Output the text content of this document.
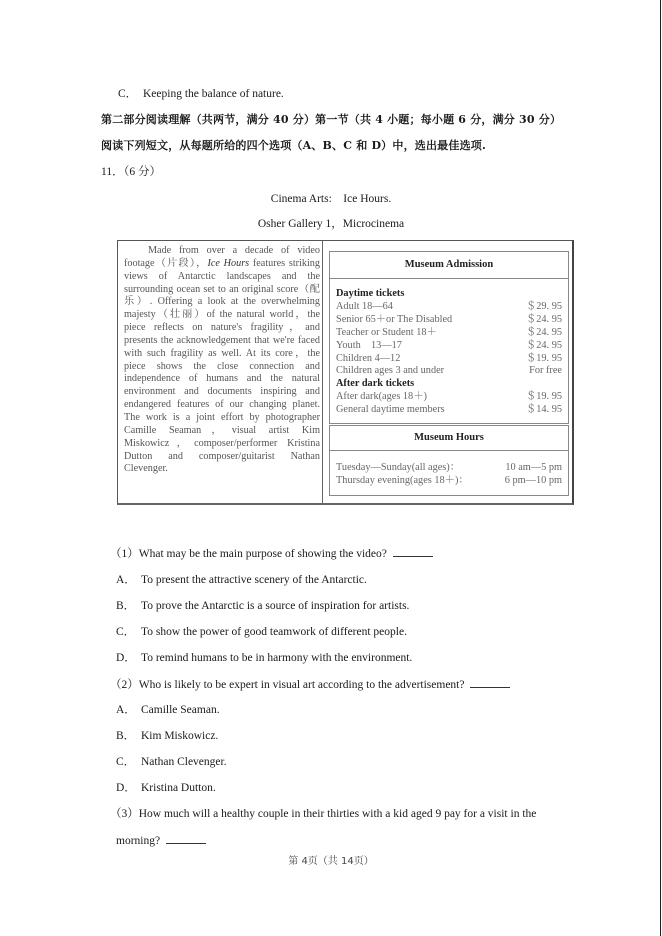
C． Keeping the balance of nature.
第二部分阅读理解（共两节，满分 40 分）第一节（共 4 小题；每小题 6 分，满分 30 分）
阅读下列短文，从每题所给的四个选项（A、B、C 和 D）中，选出最佳选项.
11．（6 分）
Cinema Arts:　Ice Hours.
Osher Gallery 1，Microcinema

Made from over a decade of video footage（片段），Ice Hours features striking views of Antarctic landscapes and the surrounding ocean set to an original score（配乐）. Offering a look at the overwhelming majesty（壮丽）of the natural world，the piece reflects on nature's fragility，and presents the acknowledgement that we're faced with such fragility as well. At its core，the piece shows the close connection and independence of humans and the natural environment and documents inspiring and endangered features of our changing planet. The work is a joint effort by photographer Camille Seaman，visual artist Kim Miskowicz，composer/performer Kristina Dutton and composer/guitarist Nathan Clevenger.

Museum Admission
Daytime tickets
Adult 18—64	＄29. 95
Senior 65＋or The Disabled	＄24. 95
Teacher or Student 18＋	＄24. 95
Youth　13—17	＄24. 95
Children 4—12	＄19. 95
Children ages 3 and under	For free
After dark tickets
After dark(ages 18＋)	＄19. 95
General daytime members	＄14. 95
Museum Hours
Tuesday—Sunday(all ages)：	10 am—5 pm
Thursday evening(ages 18＋)：	6 pm—10 pm
（1）What may be the main purpose of showing the video?
A． To present the attractive scenery of the Antarctic.
B． To prove the Antarctic is a source of inspiration for artists.
C． To show the power of good teamwork of different people.
D． To remind humans to be in harmony with the environment.
（2）Who is likely to be expert in visual art according to the advertisement?
A． Camille Seaman.
B． Kim Miskowicz.
C． Nathan Clevenger.
D． Kristina Dutton.
（3）How much will a healthy couple in their thirties with a kid aged 9 pay for a visit in the
morning?
第 4页（共 14页）
